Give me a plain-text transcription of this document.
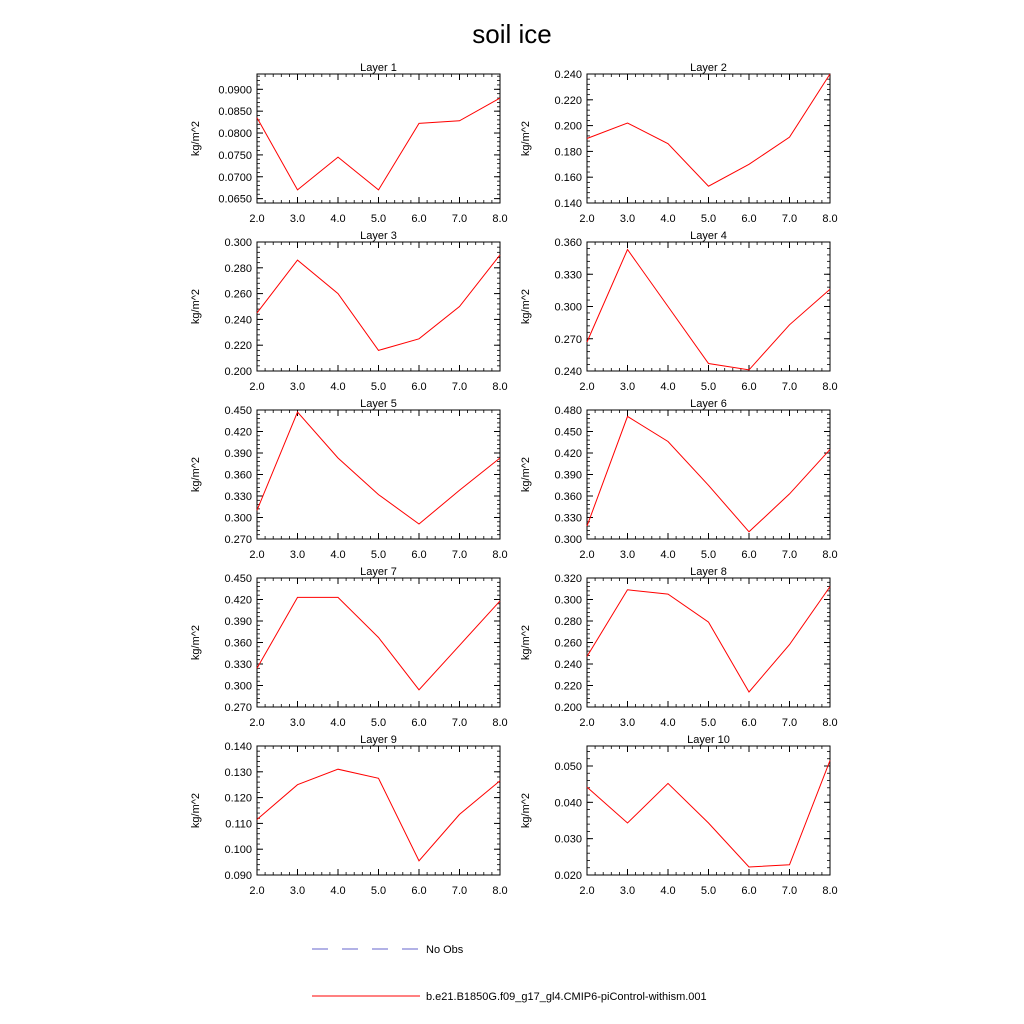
soil ice
Layer 1
kg/m^2
0.0650
0.0700
0.0750
0.0800
0.0850
0.0900
2.0 3.0 4.0 5.0 6.0 7.0 8.0
Layer 2
kg/m^2
0.140
0.160
0.180
0.200
0.220
0.240
2.0 3.0 4.0 5.0 6.0 7.0 8.0
Layer 3
kg/m^2
0.200
0.220
0.240
0.260
0.280
0.300
2.0 3.0 4.0 5.0 6.0 7.0 8.0
Layer 4
kg/m^2
0.240
0.270
0.300
0.330
0.360
2.0 3.0 4.0 5.0 6.0 7.0 8.0
Layer 5
kg/m^2
0.270
0.300
0.330
0.360
0.390
0.420
0.450
2.0 3.0 4.0 5.0 6.0 7.0 8.0
Layer 6
kg/m^2
0.300
0.330
0.360
0.390
0.420
0.450
0.480
2.0 3.0 4.0 5.0 6.0 7.0 8.0
Layer 7
kg/m^2
0.270
0.300
0.330
0.360
0.390
0.420
0.450
2.0 3.0 4.0 5.0 6.0 7.0 8.0
Layer 8
kg/m^2
0.200
0.220
0.240
0.260
0.280
0.300
0.320
2.0 3.0 4.0 5.0 6.0 7.0 8.0
Layer 9
kg/m^2
0.090
0.100
0.110
0.120
0.130
0.140
2.0 3.0 4.0 5.0 6.0 7.0 8.0
Layer 10
kg/m^2
0.020
0.030
0.040
0.050
2.0 3.0 4.0 5.0 6.0 7.0 8.0
No Obs
b.e21.B1850G.f09_g17_gl4.CMIP6-piControl-withism.001
